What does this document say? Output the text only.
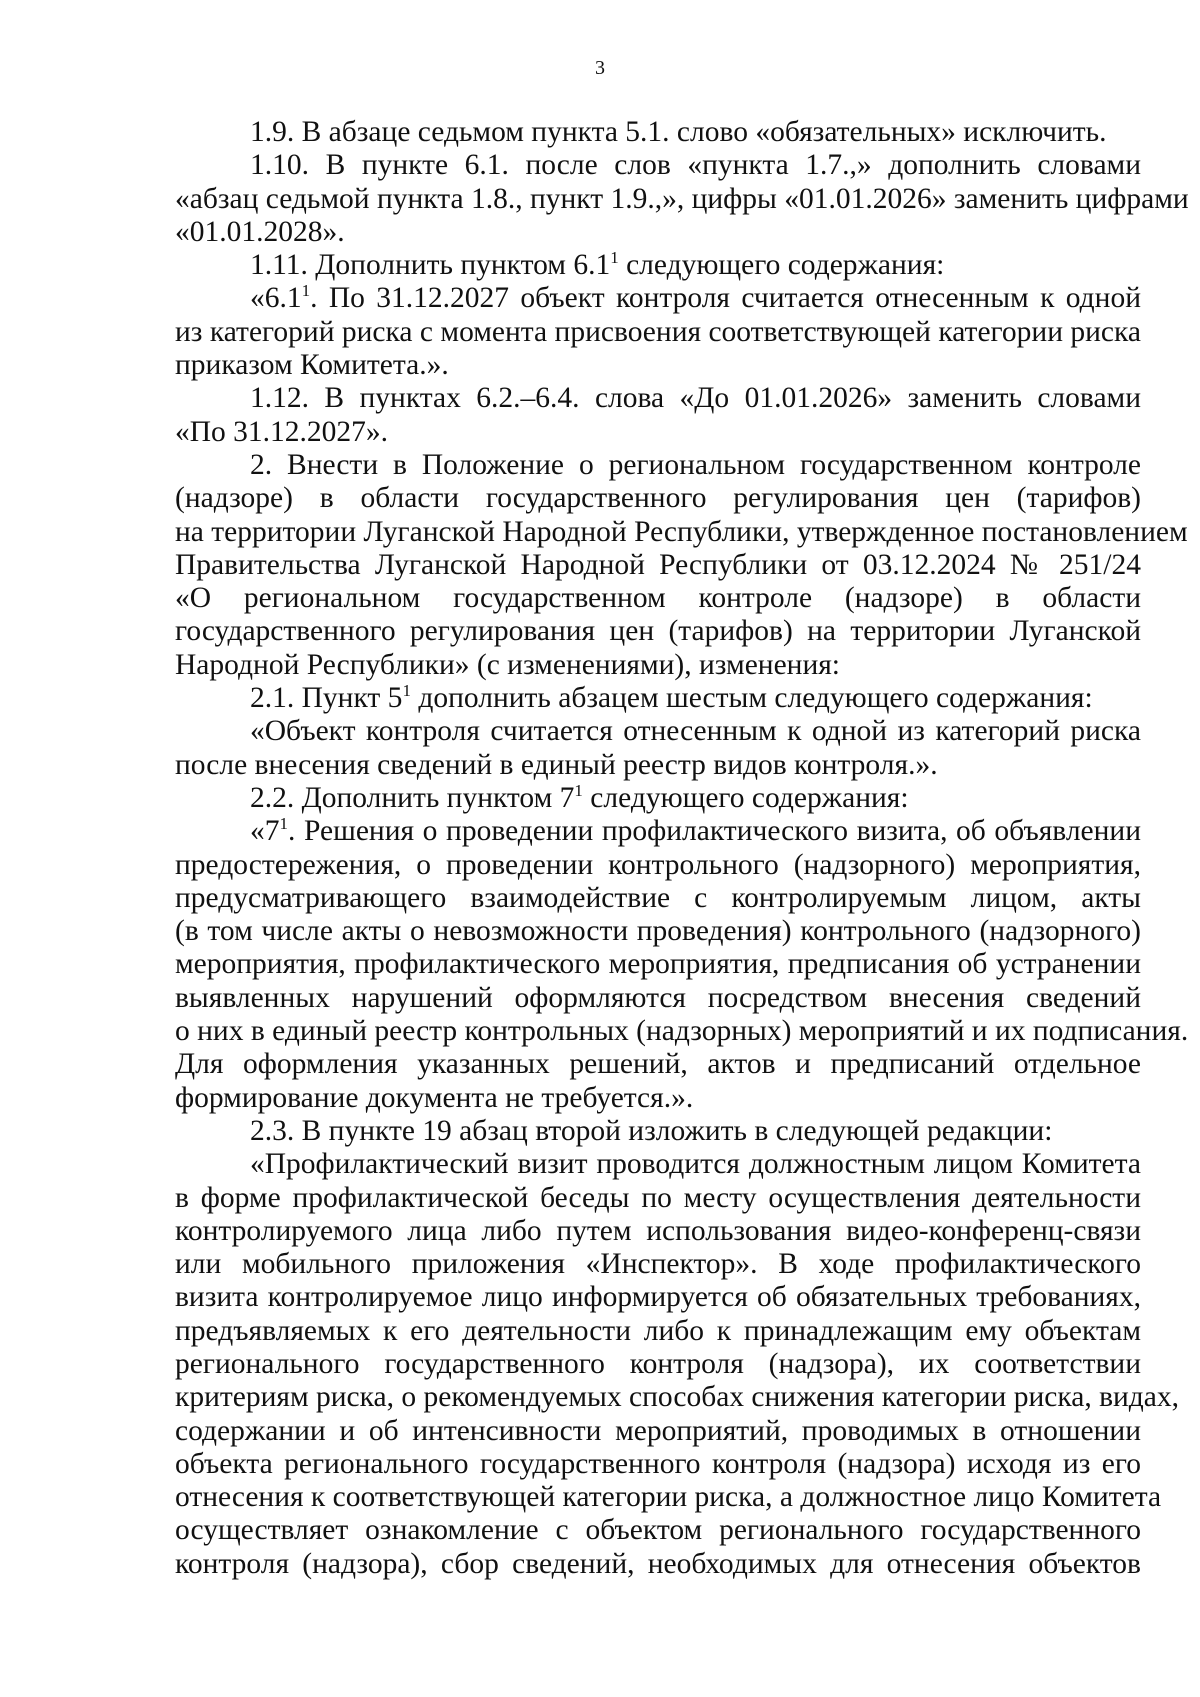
3
1.9. В абзаце седьмом пункта 5.1. слово «обязательных» исключить.
1.10. В пункте 6.1. после слов «пункта 1.7.,» дополнить словами
«абзац седьмой пункта 1.8., пункт 1.9.,», цифры «01.01.2026» заменить цифрами
«01.01.2028».
1.11. Дополнить пунктом $6.1^1$ следующего содержания:
«$6.1^1$. По 31.12.2027 объект контроля считается отнесенным к одной
из категорий риска с момента присвоения соответствующей категории риска
приказом Комитета.».
1.12. В пунктах 6.2.–6.4. слова «До 01.01.2026» заменить словами
«По 31.12.2027».
2. Внести в Положение о региональном государственном контроле
(надзоре) в области государственного регулирования цен (тарифов)
на территории Луганской Народной Республики, утвержденное постановлением
Правительства Луганской Народной Республики от 03.12.2024 № 251/24
«О региональном государственном контроле (надзоре) в области
государственного регулирования цен (тарифов) на территории Луганской
Народной Республики» (с изменениями), изменения:
2.1. Пункт $5^1$ дополнить абзацем шестым следующего содержания:
«Объект контроля считается отнесенным к одной из категорий риска
после внесения сведений в единый реестр видов контроля.».
2.2. Дополнить пунктом $7^1$ следующего содержания:
«$7^1$. Решения о проведении профилактического визита, об объявлении
предостережения, о проведении контрольного (надзорного) мероприятия,
предусматривающего взаимодействие с контролируемым лицом, акты
(в том числе акты о невозможности проведения) контрольного (надзорного)
мероприятия, профилактического мероприятия, предписания об устранении
выявленных нарушений оформляются посредством внесения сведений
о них в единый реестр контрольных (надзорных) мероприятий и их подписания.
Для оформления указанных решений, актов и предписаний отдельное
формирование документа не требуется.».
2.3. В пункте 19 абзац второй изложить в следующей редакции:
«Профилактический визит проводится должностным лицом Комитета
в форме профилактической беседы по месту осуществления деятельности
контролируемого лица либо путем использования видео-конференц-связи
или мобильного приложения «Инспектор». В ходе профилактического
визита контролируемое лицо информируется об обязательных требованиях,
предъявляемых к его деятельности либо к принадлежащим ему объектам
регионального государственного контроля (надзора), их соответствии
критериям риска, о рекомендуемых способах снижения категории риска, видах,
содержании и об интенсивности мероприятий, проводимых в отношении
объекта регионального государственного контроля (надзора) исходя из его
отнесения к соответствующей категории риска, а должностное лицо Комитета
осуществляет ознакомление с объектом регионального государственного
контроля (надзора), сбор сведений, необходимых для отнесения объектов
